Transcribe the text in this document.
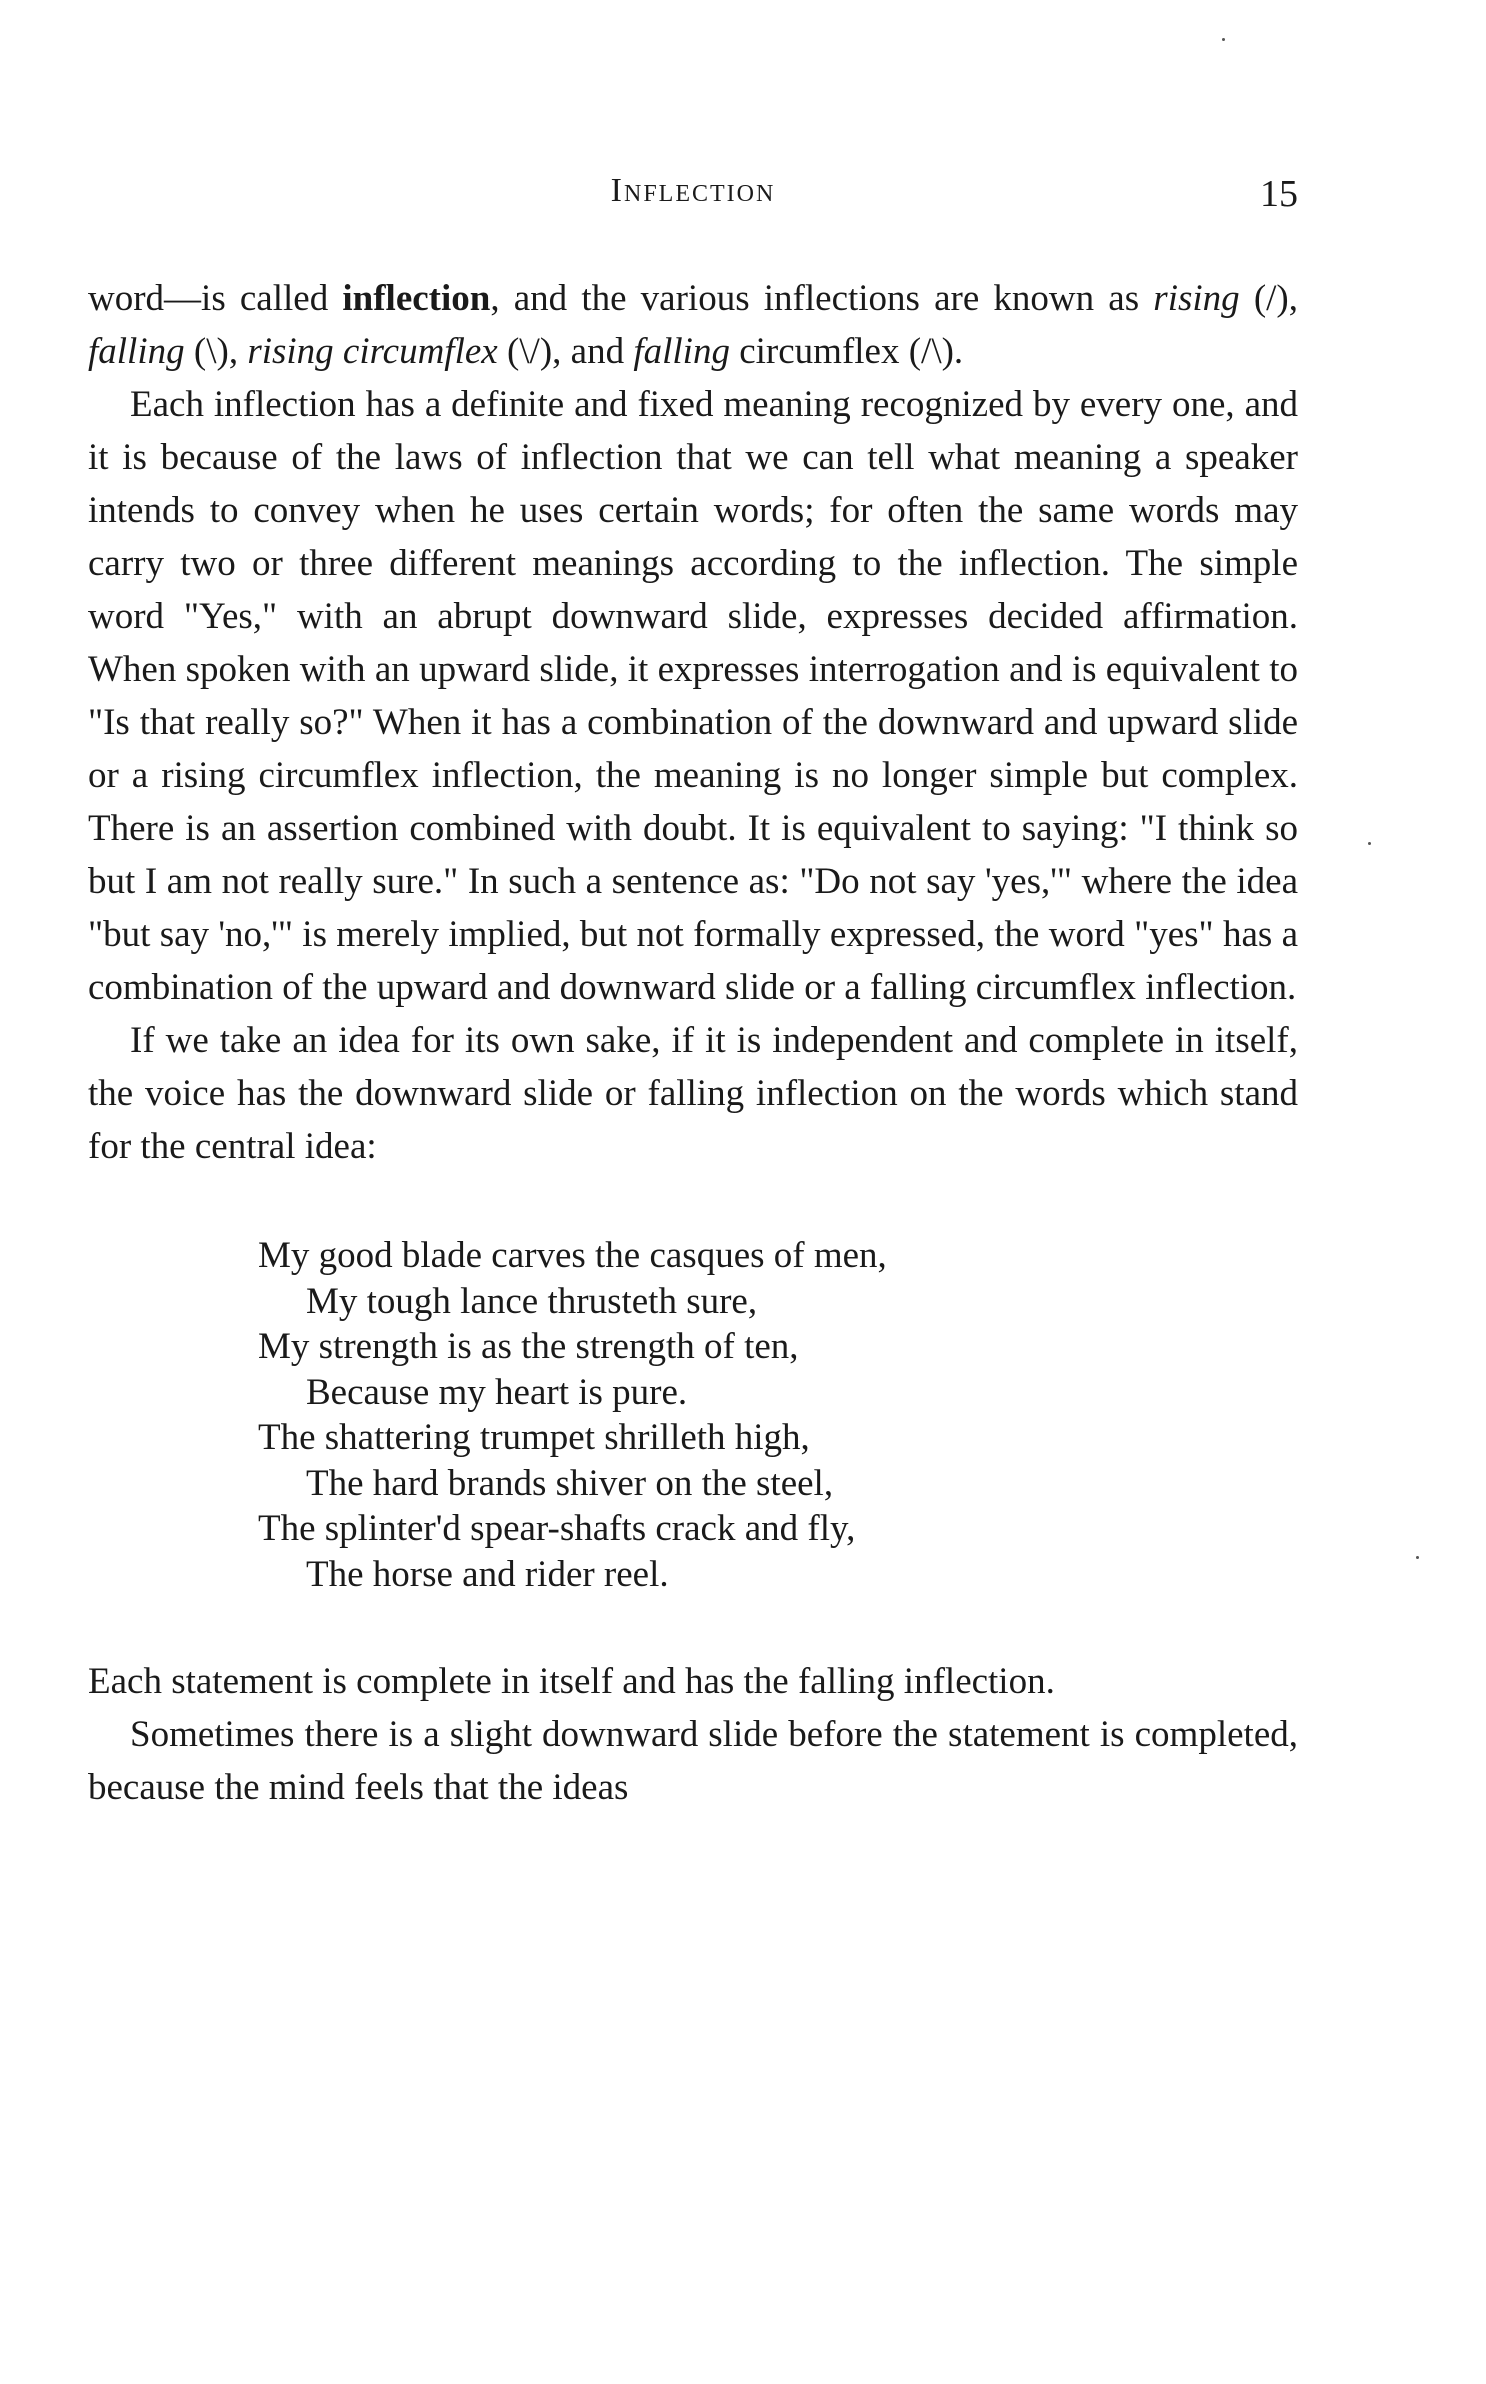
Inflection	15

word—is called inflection, and the various inflections are known as rising (/), falling (\), rising circumflex (\/), and falling circumflex (/\).

Each inflection has a definite and fixed meaning recognized by every one, and it is because of the laws of inflection that we can tell what meaning a speaker intends to convey when he uses certain words; for often the same words may carry two or three different meanings according to the inflection. The simple word "Yes," with an abrupt downward slide, expresses decided affirmation. When spoken with an upward slide, it expresses interrogation and is equivalent to "Is that really so?" When it has a combination of the downward and upward slide or a rising circumflex inflection, the meaning is no longer simple but complex. There is an assertion combined with doubt. It is equivalent to saying: "I think so but I am not really sure." In such a sentence as: "Do not say 'yes,'" where the idea "but say 'no,'" is merely implied, but not formally expressed, the word "yes" has a combination of the upward and downward slide or a falling circumflex inflection.

If we take an idea for its own sake, if it is independent and complete in itself, the voice has the downward slide or falling inflection on the words which stand for the central idea:

My good blade carves the casques of men,
My tough lance thrusteth sure,
My strength is as the strength of ten,
Because my heart is pure.
The shattering trumpet shrilleth high,
The hard brands shiver on the steel,
The splinter'd spear-shafts crack and fly,
The horse and rider reel.

Each statement is complete in itself and has the falling inflection.

Sometimes there is a slight downward slide before the statement is completed, because the mind feels that the ideas
